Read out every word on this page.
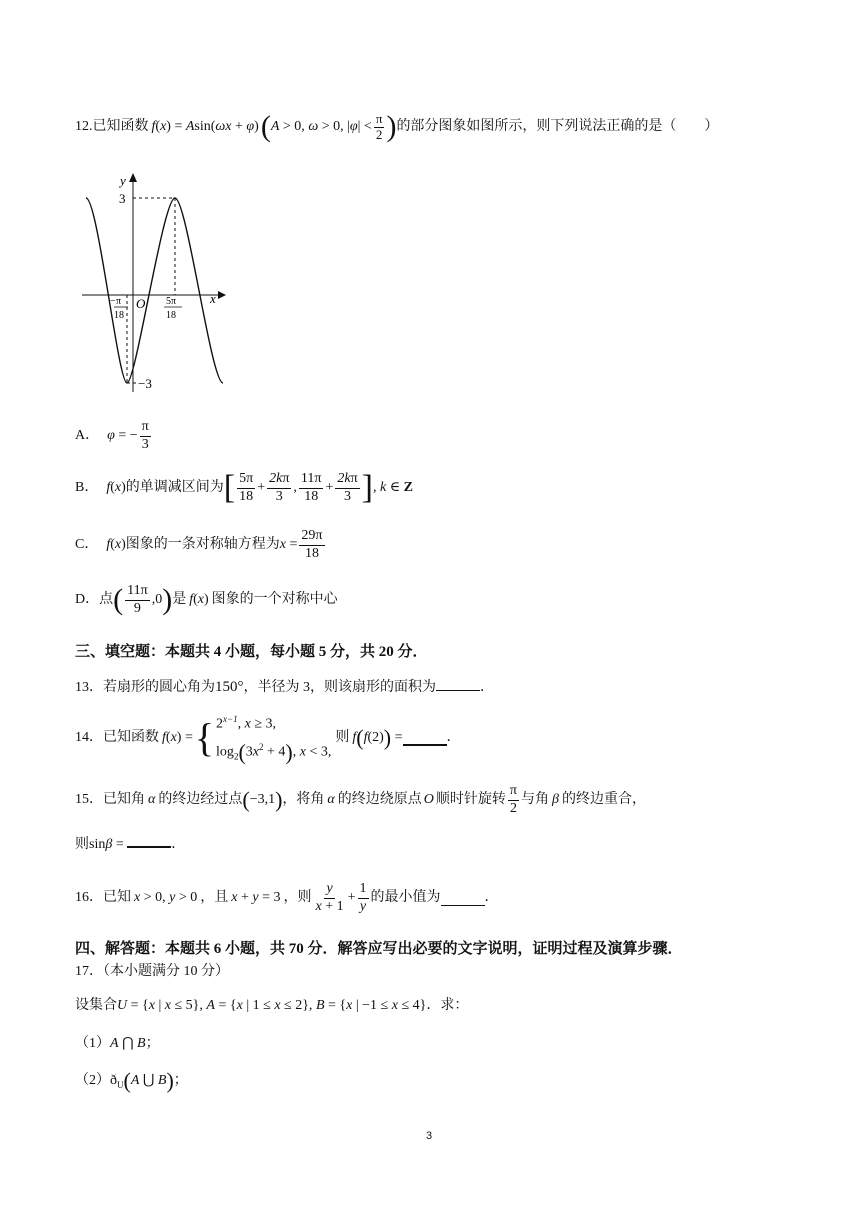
12. 已知函数 f(x) = Asin(ωx + φ) ( A > 0, ω > 0, $|\varphi| < \frac{\pi}{2}$ ) 的部分图象如图所示，则下列说法正确的是（　　）
y
x
3
−3
O
− π
18
5π
18
A． φ = − $\frac{\pi}{3}$
B． f(x) 的单调减区间为 [ $\frac{5\pi}{18} + \frac{2k\pi}{3}$ , $\frac{11\pi}{18} + \frac{2k\pi}{3}$ ] , k ∈ Z
C． f(x) 图象的一条对称轴方程为 $x = \frac{29\pi}{18}$
D．点 ( $\frac{11\pi}{9} ,0$ ) 是 f(x) 图象的一个对称中心
三、填空题：本题共 4 小题，每小题 5 分，共 20 分．
13．若扇形的圆心角为150°，半径为 3，则该扇形的面积为	．
14．已知函数 f(x) = { $2^{x-1}$, x ≥ 3,
$\log_2(3x^2 + 4)$, x < 3,
则 f(f(2)) =	．
15．已知角 α 的终边经过点 (−3,1) ，将角 α 的终边绕原点 O 顺时针旋转 $\frac{\pi}{2}$ 与角 β 的终边重合，
则sinβ =	．
16．已知 x > 0, y > 0 ，且 x + y = 3 ，则 $\frac{y}{x + 1} + \frac{1}{y}$ 的最小值为	．
四、解答题：本题共 6 小题，共 70 分．解答应写出必要的文字说明，证明过程及演算步骤．
17．（本小题满分 10 分）
设集合U = {x | x ≤ 5}, A = {x | 1 ≤ x ≤ 2}, B = {x | −1 ≤ x ≤ 4}．求：
（1）A ⋂ B；
$(2)ð_U(A$ ⋃ B)；
3
